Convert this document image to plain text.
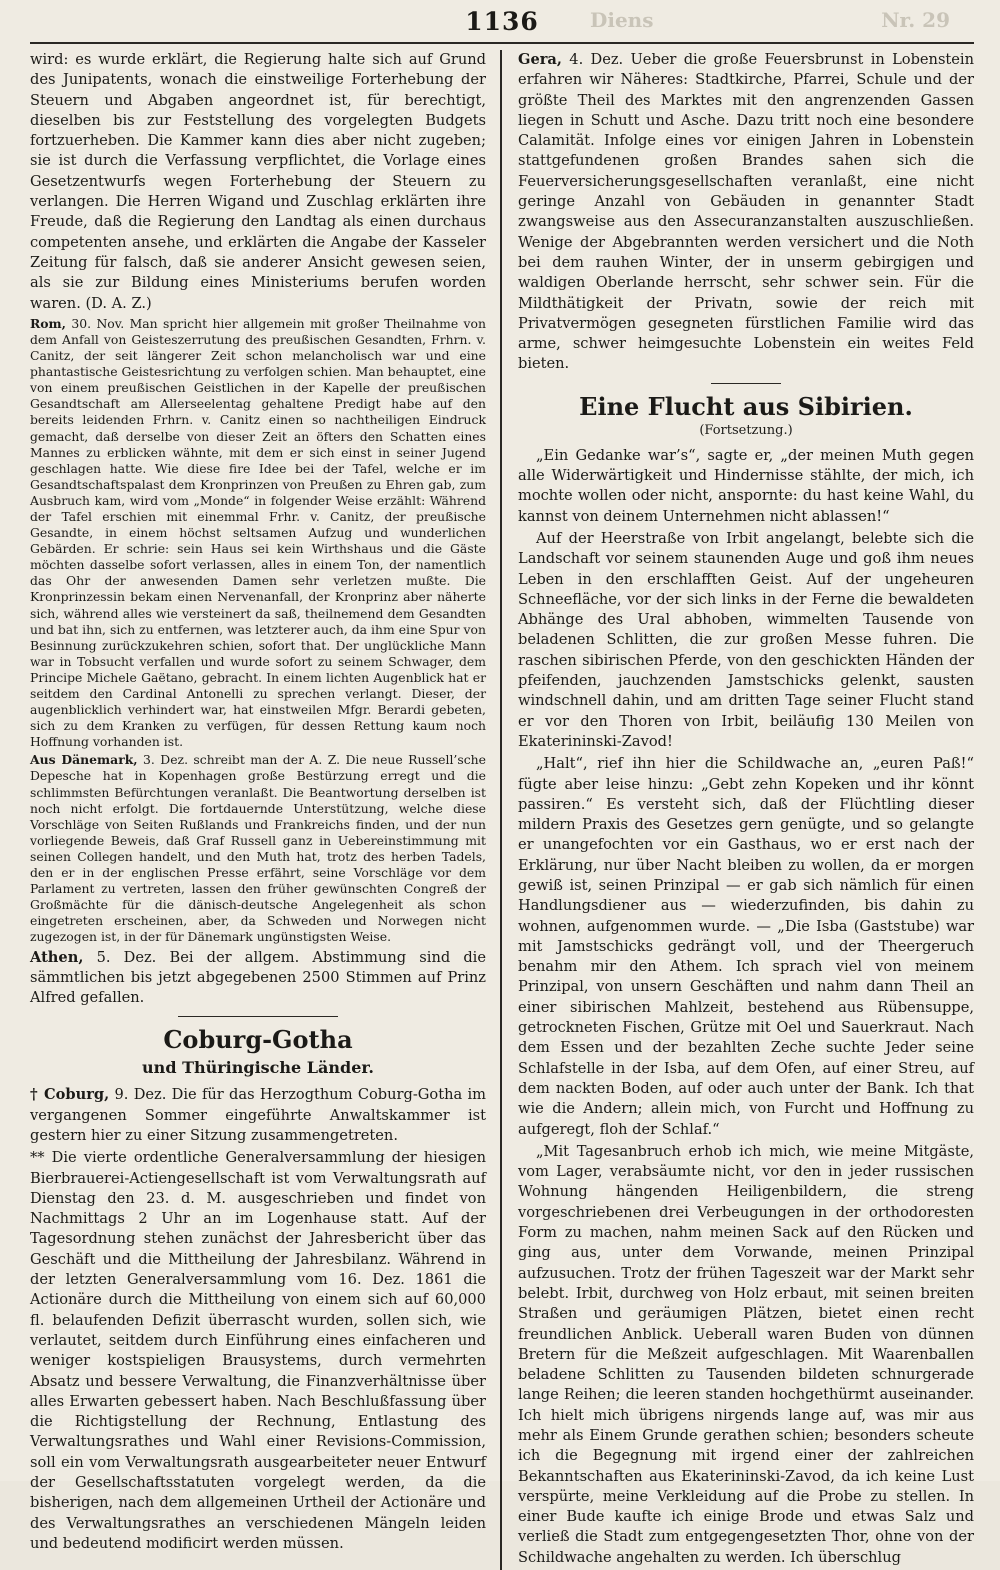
Diens
1136	Nr. 29

wird: es wurde erklärt, die Regierung halte sich auf Grund des Junipatents, wonach die einstweilige Forterhebung der Steuern und Abgaben angeordnet ist, für berechtigt, dieselben bis zur Feststellung des vorgelegten Budgets fortzuerheben. Die Kammer kann dies aber nicht zugeben; sie ist durch die Verfassung verpflichtet, die Vorlage eines Gesetzentwurfs wegen Forterhebung der Steuern zu verlangen. Die Herren Wigand und Zuschlag erklärten ihre Freude, daß die Regierung den Landtag als einen durchaus competenten ansehe, und erklärten die Angabe der Kasseler Zeitung für falsch, daß sie anderer Ansicht gewesen seien, als sie zur Bildung eines Ministeriums berufen worden waren. (D. A. Z.)

Rom, 30. Nov. Man spricht hier allgemein mit großer Theilnahme von dem Anfall von Geisteszerrutung des preußischen Gesandten, Frhrn. v. Canitz, der seit längerer Zeit schon melancholisch war und eine phantastische Geistesrichtung zu verfolgen schien. Man behauptet, eine von einem preußischen Geistlichen in der Kapelle der preußischen Gesandtschaft am Allerseelentag gehaltene Predigt habe auf den bereits leidenden Frhrn. v. Canitz einen so nachtheiligen Eindruck gemacht, daß derselbe von dieser Zeit an öfters den Schatten eines Mannes zu erblicken wähnte, mit dem er sich einst in seiner Jugend geschlagen hatte. Wie diese fire Idee bei der Tafel, welche er im Gesandtschaftspalast dem Kronprinzen von Preußen zu Ehren gab, zum Ausbruch kam, wird vom „Monde“ in folgender Weise erzählt: Während der Tafel erschien mit einemmal Frhr. v. Canitz, der preußische Gesandte, in einem höchst seltsamen Aufzug und wunderlichen Gebärden. Er schrie: sein Haus sei kein Wirthshaus und die Gäste möchten dasselbe sofort verlassen, alles in einem Ton, der namentlich das Ohr der anwesenden Damen sehr verletzen mußte. Die Kronprinzessin bekam einen Nervenanfall, der Kronprinz aber näherte sich, während alles wie versteinert da saß, theilnemend dem Gesandten und bat ihn, sich zu entfernen, was letzterer auch, da ihm eine Spur von Besinnung zurückzukehren schien, sofort that. Der unglückliche Mann war in Tobsucht verfallen und wurde sofort zu seinem Schwager, dem Principe Michele Gaëtano, gebracht. In einem lichten Augenblick hat er seitdem den Cardinal Antonelli zu sprechen verlangt. Dieser, der augenblicklich verhindert war, hat einstweilen Mfgr. Berardi gebeten, sich zu dem Kranken zu verfügen, für dessen Rettung kaum noch Hoffnung vorhanden ist.

Aus Dänemark, 3. Dez. schreibt man der A. Z. Die neue Russell’sche Depesche hat in Kopenhagen große Bestürzung erregt und die schlimmsten Befürchtungen veranlaßt. Die Beantwortung derselben ist noch nicht erfolgt. Die fortdauernde Unterstützung, welche diese Vorschläge von Seiten Rußlands und Frankreichs finden, und der nun vorliegende Beweis, daß Graf Russell ganz in Uebereinstimmung mit seinen Collegen handelt, und den Muth hat, trotz des herben Tadels, den er in der englischen Presse erfährt, seine Vorschläge vor dem Parlament zu vertreten, lassen den früher gewünschten Congreß der Großmächte für die dänisch-deutsche Angelegenheit als schon eingetreten erscheinen, aber, da Schweden und Norwegen nicht zugezogen ist, in der für Dänemark ungünstigsten Weise.

Athen, 5. Dez. Bei der allgem. Abstimmung sind die sämmtlichen bis jetzt abgegebenen 2500 Stimmen auf Prinz Alfred gefallen.

Coburg-Gotha
und Thüringische Länder.

† Coburg, 9. Dez. Die für das Herzogthum Coburg-Gotha im vergangenen Sommer eingeführte Anwaltskammer ist gestern hier zu einer Sitzung zusammengetreten.

** Die vierte ordentliche Generalversammlung der hiesigen Bierbrauerei-Actiengesellschaft ist vom Verwaltungsrath auf Dienstag den 23. d. M. ausgeschrieben und findet von Nachmittags 2 Uhr an im Logenhause statt. Auf der Tagesordnung stehen zunächst der Jahresbericht über das Geschäft und die Mittheilung der Jahresbilanz. Während in der letzten Generalversammlung vom 16. Dez. 1861 die Actionäre durch die Mittheilung von einem sich auf 60,000 fl. belaufenden Defizit überrascht wurden, sollen sich, wie verlautet, seitdem durch Einführung eines einfacheren und weniger kostspieligen Brausystems, durch vermehrten Absatz und bessere Verwaltung, die Finanzverhältnisse über alles Erwarten gebessert haben. Nach Beschlußfassung über die Richtigstellung der Rechnung, Entlastung des Verwaltungsrathes und Wahl einer Revisions-Commission, soll ein vom Verwaltungsrath ausgearbeiteter neuer Entwurf der Gesellschaftsstatuten vorgelegt werden, da die bisherigen, nach dem allgemeinen Urtheil der Actionäre und des Verwaltungsrathes an verschiedenen Mängeln leiden und bedeutend modificirt werden müssen.

Gera, 4. Dez. Ueber die große Feuersbrunst in Lobenstein erfahren wir Näheres: Stadtkirche, Pfarrei, Schule und der größte Theil des Marktes mit den angrenzenden Gassen liegen in Schutt und Asche. Dazu tritt noch eine besondere Calamität. Infolge eines vor einigen Jahren in Lobenstein stattgefundenen großen Brandes sahen sich die Feuerversicherungsgesellschaften veranlaßt, eine nicht geringe Anzahl von Gebäuden in genannter Stadt zwangsweise aus den Assecuranzanstalten auszuschließen. Wenige der Abgebrannten werden versichert und die Noth bei dem rauhen Winter, der in unserm gebirgigen und waldigen Oberlande herrscht, sehr schwer sein. Für die Mildthätigkeit der Privatn, sowie der reich mit Privatvermögen gesegneten fürstlichen Familie wird das arme, schwer heimgesuchte Lobenstein ein weites Feld bieten.

Eine Flucht aus Sibirien.
(Fortsetzung.)

„Ein Gedanke war’s“, sagte er, „der meinen Muth gegen alle Widerwärtigkeit und Hindernisse stählte, der mich, ich mochte wollen oder nicht, anspornte: du hast keine Wahl, du kannst von deinem Unternehmen nicht ablassen!“

Auf der Heerstraße von Irbit angelangt, belebte sich die Landschaft vor seinem staunenden Auge und goß ihm neues Leben in den erschlafften Geist. Auf der ungeheuren Schneefläche, vor der sich links in der Ferne die bewaldeten Abhänge des Ural abhoben, wimmelten Tausende von beladenen Schlitten, die zur großen Messe fuhren. Die raschen sibirischen Pferde, von den geschickten Händen der pfeifenden, jauchzenden Jamstschicks gelenkt, sausten windschnell dahin, und am dritten Tage seiner Flucht stand er vor den Thoren von Irbit, beiläufig 130 Meilen von Ekaterininski-Zavod!

„Halt“, rief ihn hier die Schildwache an, „euren Paß!“ fügte aber leise hinzu: „Gebt zehn Kopeken und ihr könnt passiren.“ Es versteht sich, daß der Flüchtling dieser mildern Praxis des Gesetzes gern genügte, und so gelangte er unangefochten vor ein Gasthaus, wo er erst nach der Erklärung, nur über Nacht bleiben zu wollen, da er morgen gewiß ist, seinen Prinzipal — er gab sich nämlich für einen Handlungsdiener aus — wiederzufinden, bis dahin zu wohnen, aufgenommen wurde. — „Die Isba (Gaststube) war mit Jamstschicks gedrängt voll, und der Theergeruch benahm mir den Athem. Ich sprach viel von meinem Prinzipal, von unsern Geschäften und nahm dann Theil an einer sibirischen Mahlzeit, bestehend aus Rübensuppe, getrockneten Fischen, Grütze mit Oel und Sauerkraut. Nach dem Essen und der bezahlten Zeche suchte Jeder seine Schlafstelle in der Isba, auf dem Ofen, auf einer Streu, auf dem nackten Boden, auf oder auch unter der Bank. Ich that wie die Andern; allein mich, von Furcht und Hoffnung zu aufgeregt, floh der Schlaf.“

„Mit Tagesanbruch erhob ich mich, wie meine Mitgäste, vom Lager, verabsäumte nicht, vor den in jeder russischen Wohnung hängenden Heiligenbildern, die streng vorgeschriebenen drei Verbeugungen in der orthodoresten Form zu machen, nahm meinen Sack auf den Rücken und ging aus, unter dem Vorwande, meinen Prinzipal aufzusuchen. Trotz der frühen Tageszeit war der Markt sehr belebt. Irbit, durchweg von Holz erbaut, mit seinen breiten Straßen und geräumigen Plätzen, bietet einen recht freundlichen Anblick. Ueberall waren Buden von dünnen Bretern für die Meßzeit aufgeschlagen. Mit Waarenballen beladene Schlitten zu Tausenden bildeten schnurgerade lange Reihen; die leeren standen hochgethürmt auseinander. Ich hielt mich übrigens nirgends lange auf, was mir aus mehr als Einem Grunde gerathen schien; besonders scheute ich die Begegnung mit irgend einer der zahlreichen Bekanntschaften aus Ekaterininski-Zavod, da ich keine Lust verspürte, meine Verkleidung auf die Probe zu stellen. In einer Bude kaufte ich einige Brode und etwas Salz und verließ die Stadt zum entgegengesetzten Thor, ohne von der Schildwache angehalten zu werden. Ich überschlug
